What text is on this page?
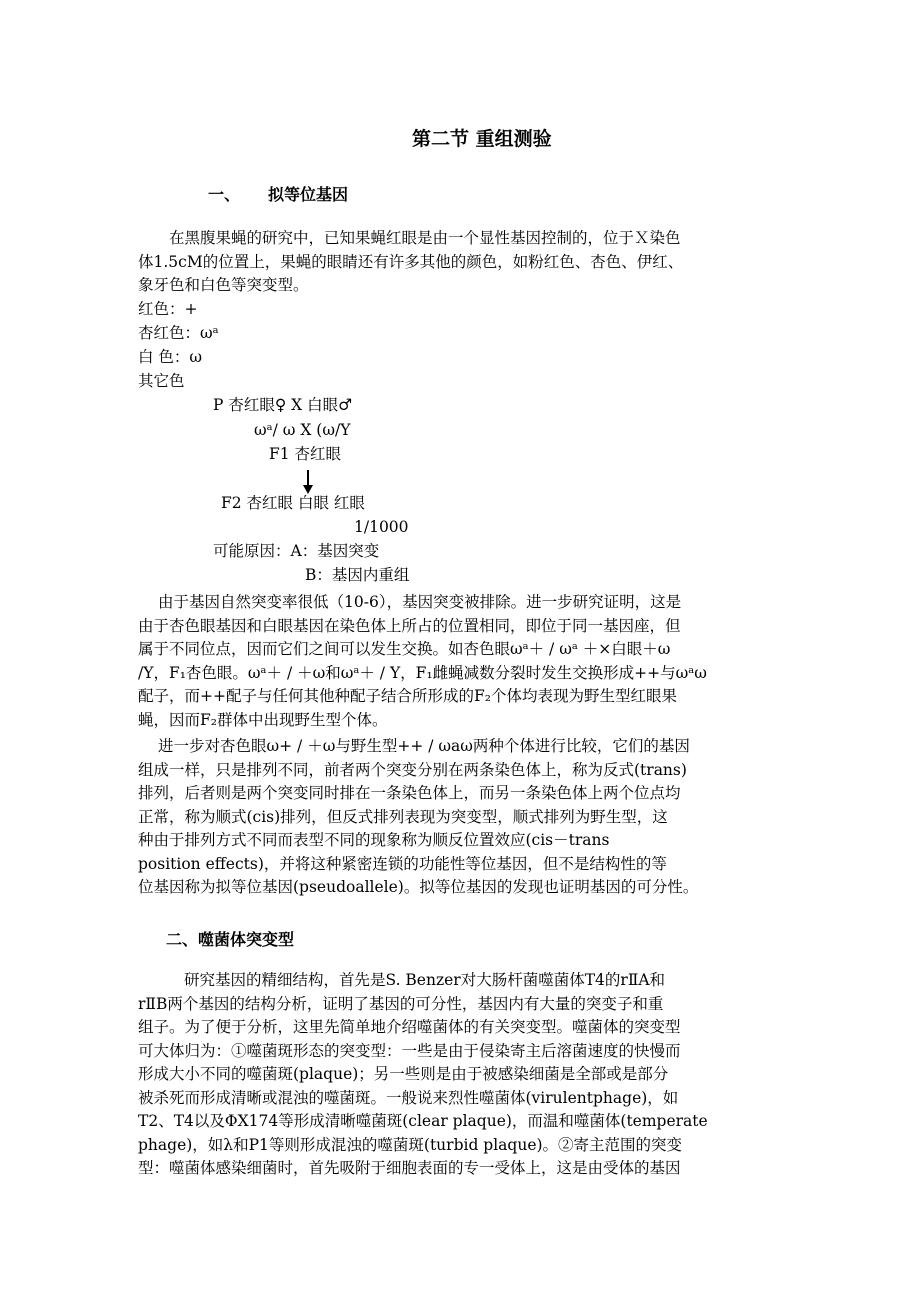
第二节 重组测验
一、 拟等位基因
在黑腹果蝇的研究中，已知果蝇红眼是由一个显性基因控制的，位于Ｘ染色
体1.5cM的位置上，果蝇的眼睛还有许多其他的颜色，如粉红色、杏色、伊红、
象牙色和白色等突变型。
红色：+
杏红色：ωᵃ
白 色：ω
其它色
P 杏红眼♀ X 白眼♂
ωᵃ/ ω X (ω/Y
F1 杏红眼
F2 杏红眼 白眼 红眼
1/1000
可能原因：A：基因突变
B：基因内重组
由于基因自然突变率很低（10-6），基因突变被排除。进一步研究证明，这是
由于杏色眼基因和白眼基因在染色体上所占的位置相同，即位于同一基因座，但
属于不同位点，因而它们之间可以发生交换。如杏色眼ωᵃ＋ / ωᵃ ＋×白眼＋ω
/Y，F₁杏色眼。ωᵃ＋ / ＋ω和ωᵃ＋ / Y，F₁雌蝇减数分裂时发生交换形成++与ωᵃω
配子，而++配子与任何其他种配子结合所形成的F₂个体均表现为野生型红眼果
蝇，因而F₂群体中出现野生型个体。
进一步对杏色眼ω+ / ＋ω与野生型++ / ωaω两种个体进行比较，它们的基因
组成一样，只是排列不同，前者两个突变分别在两条染色体上，称为反式(trans)
排列，后者则是两个突变同时排在一条染色体上，而另一条染色体上两个位点均
正常，称为顺式(cis)排列，但反式排列表现为突变型，顺式排列为野生型，这
种由于排列方式不同而表型不同的现象称为顺反位置效应(cis－trans
position effects)，并将这种紧密连锁的功能性等位基因，但不是结构性的等
位基因称为拟等位基因(pseudoallele)。拟等位基因的发现也证明基因的可分性。
二、噬菌体突变型
研究基因的精细结构，首先是S. Benzer对大肠杆菌噬菌体T4的rⅡA和
rⅡB两个基因的结构分析，证明了基因的可分性，基因内有大量的突变子和重
组子。为了便于分析，这里先简单地介绍噬菌体的有关突变型。噬菌体的突变型
可大体归为：①噬菌斑形态的突变型：一些是由于侵染寄主后溶菌速度的快慢而
形成大小不同的噬菌斑(plaque)；另一些则是由于被感染细菌是全部或是部分
被杀死而形成清晰或混浊的噬菌斑。一般说来烈性噬菌体(virulentphage)，如
T2、T4以及ΦX174等形成清晰噬菌斑(clear plaque)，而温和噬菌体(temperate
phage)，如λ和P1等则形成混浊的噬菌斑(turbid plaque)。②寄主范围的突变
型：噬菌体感染细菌时，首先吸附于细胞表面的专一受体上，这是由受体的基因
